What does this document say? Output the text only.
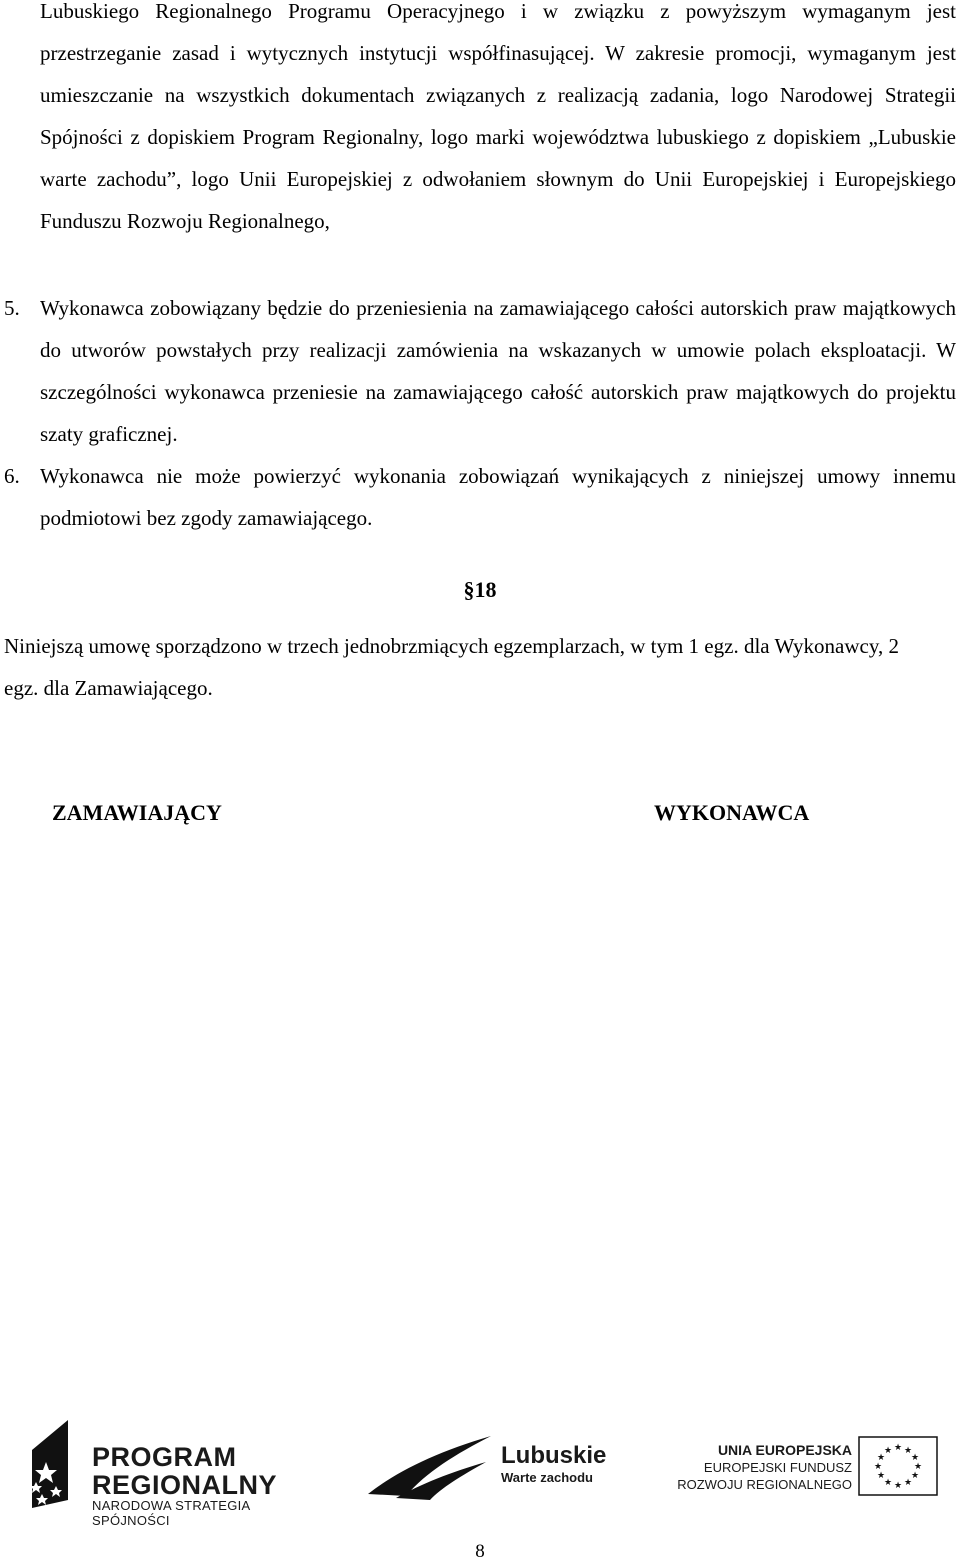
Lubuskiego Regionalnego Programu Operacyjnego i w związku z powyższym wymaganym jest przestrzeganie zasad i wytycznych instytucji współfinasującej. W zakresie promocji, wymaganym jest umieszczanie na wszystkich dokumentach związanych z realizacją zadania, logo Narodowej Strategii Spójności z dopiskiem Program Regionalny, logo marki województwa lubuskiego z dopiskiem „Lubuskie warte zachodu”, logo Unii Europejskiej z odwołaniem słownym do Unii Europejskiej i Europejskiego Funduszu Rozwoju Regionalnego,
5. Wykonawca zobowiązany będzie do przeniesienia na zamawiającego całości autorskich praw majątkowych do utworów powstałych przy realizacji zamówienia na wskazanych w umowie polach eksploatacji. W szczególności wykonawca przeniesie na zamawiającego całość autorskich praw majątkowych do projektu szaty graficznej.
6. Wykonawca nie może powierzyć wykonania zobowiązań wynikających z niniejszej umowy innemu podmiotowi bez zgody zamawiającego.
§18
Niniejszą umowę sporządzono w trzech jednobrzmiących egzemplarzach, w tym 1 egz. dla Wykonawcy, 2 egz. dla Zamawiającego.
ZAMAWIAJĄCY	WYKONAWCA
PROGRAM
REGIONALNY
NARODOWA STRATEGIA SPÓJNOŚCI
Lubuskie
Warte zachodu
UNIA EUROPEJSKA
EUROPEJSKI FUNDUSZ
ROZWOJU REGIONALNEGO
★ ★
★
★
★
★
★
★
★
★
★
★
8
